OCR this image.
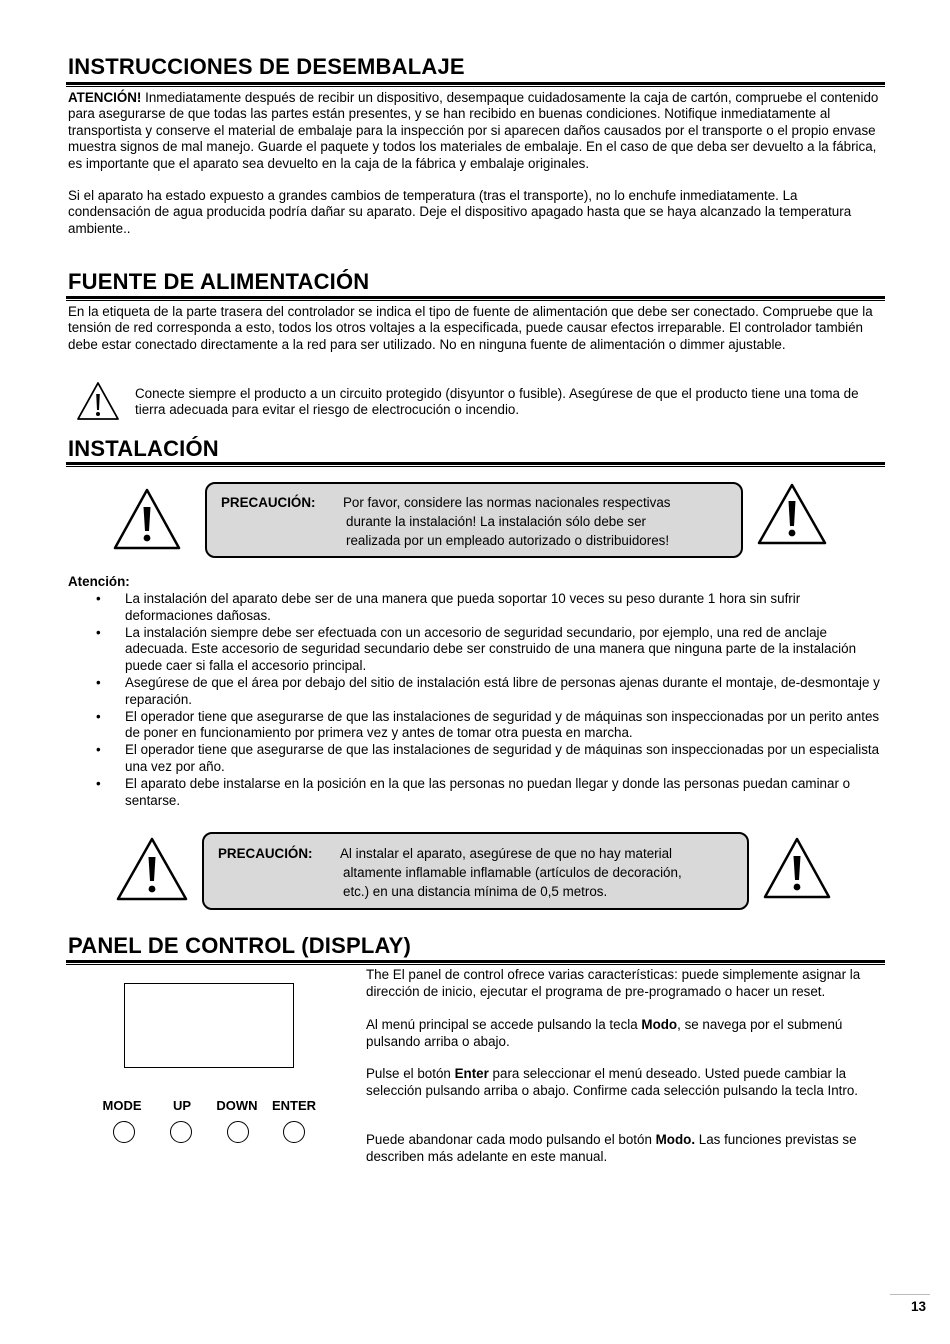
INSTRUCCIONES DE DESEMBALAJE

ATENCIÓN! Inmediatamente después de recibir un dispositivo, desempaque cuidadosamente la caja de cartón, compruebe el contenido para asegurarse de que todas las partes están presentes, y se han recibido en buenas condiciones. Notifique inmediatamente al transportista y conserve el material de embalaje para la inspección por si aparecen daños causados por el transporte o el propio envase muestra signos de mal manejo. Guarde el paquete y todos los materiales de embalaje. En el caso de que deba ser devuelto a la fábrica, es importante que el aparato sea devuelto en la caja de la fábrica y embalaje originales.

Si el aparato ha estado expuesto a grandes cambios de temperatura (tras el transporte), no lo enchufe inmediatamente. La condensación de agua producida podría dañar su aparato. Deje el dispositivo apagado hasta que se haya alcanzado la temperatura ambiente..

FUENTE DE ALIMENTACIÓN

En la etiqueta de la parte trasera del controlador se indica el tipo de fuente de alimentación que debe ser conectado. Compruebe que la tensión de red corresponda a esto, todos los otros voltajes a la especificada, puede causar efectos irreparable. El controlador también debe estar conectado directamente a la red para ser utilizado. No en ninguna fuente de alimentación o dimmer ajustable.

Conecte siempre el producto a un circuito protegido (disyuntor o fusible). Asegúrese de que el producto tiene una toma de tierra adecuada para evitar el riesgo de electrocución o incendio.

INSTALACIÓN
PRECAUCIÓN: Por favor, considere las normas nacionales respectivas
durante la instalación! La instalación sólo debe ser
realizada por un empleado autorizado o distribuidores!

Atención:

• La instalación del aparato debe ser de una manera que pueda soportar 10 veces su peso durante 1 hora sin sufrir deformaciones dañosas.
• La instalación siempre debe ser efectuada con un accesorio de seguridad secundario, por ejemplo, una red de anclaje adecuada. Este accesorio de seguridad secundario debe ser construido de una manera que ninguna parte de la instalación puede caer si falla el accesorio principal.
• Asegúrese de que el área por debajo del sitio de instalación está libre de personas ajenas durante el montaje, de-desmontaje y reparación.
• El operador tiene que asegurarse de que las instalaciones de seguridad y de máquinas son inspeccionadas por un perito antes de poner en funcionamiento por primera vez y antes de tomar otra puesta en marcha.
• El operador tiene que asegurarse de que las instalaciones de seguridad y de máquinas son inspeccionadas por un especialista una vez por año.
• El aparato debe instalarse en la posición en la que las personas no puedan llegar y donde las personas puedan caminar o sentarse.
PRECAUCIÓN: Al instalar el aparato, asegúrese de que no hay material
altamente inflamable inflamable (artículos de decoración,
etc.) en una distancia mínima de 0,5 metros.
PANEL DE CONTROL (DISPLAY)
MODE UP DOWN ENTER

The El panel de control ofrece varias características: puede simplemente asignar la dirección de inicio, ejecutar el programa de pre-programado o hacer un reset.

Al menú principal se accede pulsando la tecla Modo, se navega por el submenú pulsando arriba o abajo.

Pulse el botón Enter para seleccionar el menú deseado. Usted puede cambiar la selección pulsando arriba o abajo. Confirme cada selección pulsando la tecla Intro.

Puede abandonar cada modo pulsando el botón Modo. Las funciones previstas se describen más adelante en este manual.

13
